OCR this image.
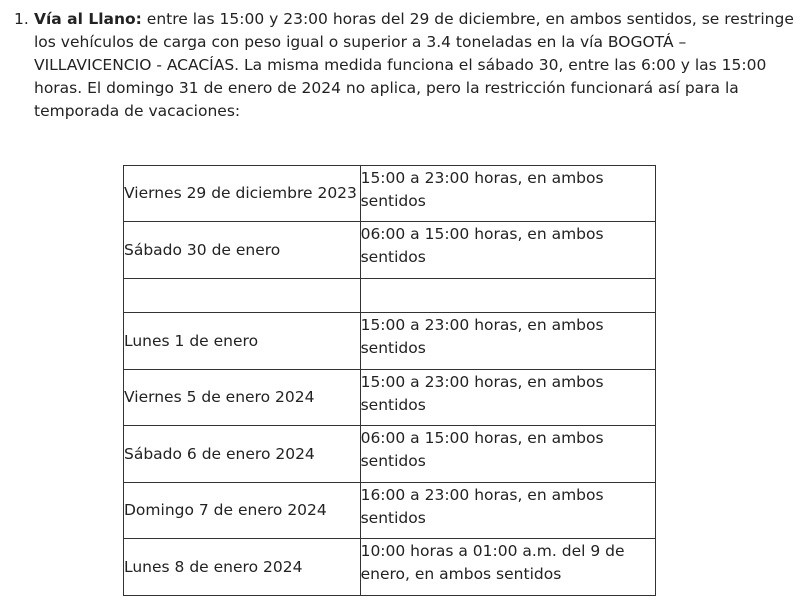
1. Vía al Llano: entre las 15:00 y 23:00 horas del 29 de diciembre, en ambos sentidos, se restringe
los vehículos de carga con peso igual o superior a 3.4 toneladas en la vía BOGOTÁ –
VILLAVICENCIO - ACACÍAS. La misma medida funciona el sábado 30, entre las 6:00 y las 15:00
horas. El domingo 31 de enero de 2024 no aplica, pero la restricción funcionará así para la
temporada de vacaciones:
Viernes 29 de diciembre 2023	15:00 a 23:00 horas, en ambos
sentidos

Sábado 30 de enero	06:00 a 15:00 horas, en ambos
sentidos

Lunes 1 de enero	15:00 a 23:00 horas, en ambos
sentidos

Viernes 5 de enero 2024	15:00 a 23:00 horas, en ambos
sentidos

Sábado 6 de enero 2024	06:00 a 15:00 horas, en ambos
sentidos

Domingo 7 de enero 2024	16:00 a 23:00 horas, en ambos
sentidos

Lunes 8 de enero 2024	10:00 horas a 01:00 a.m. del 9 de
enero, en ambos sentidos
